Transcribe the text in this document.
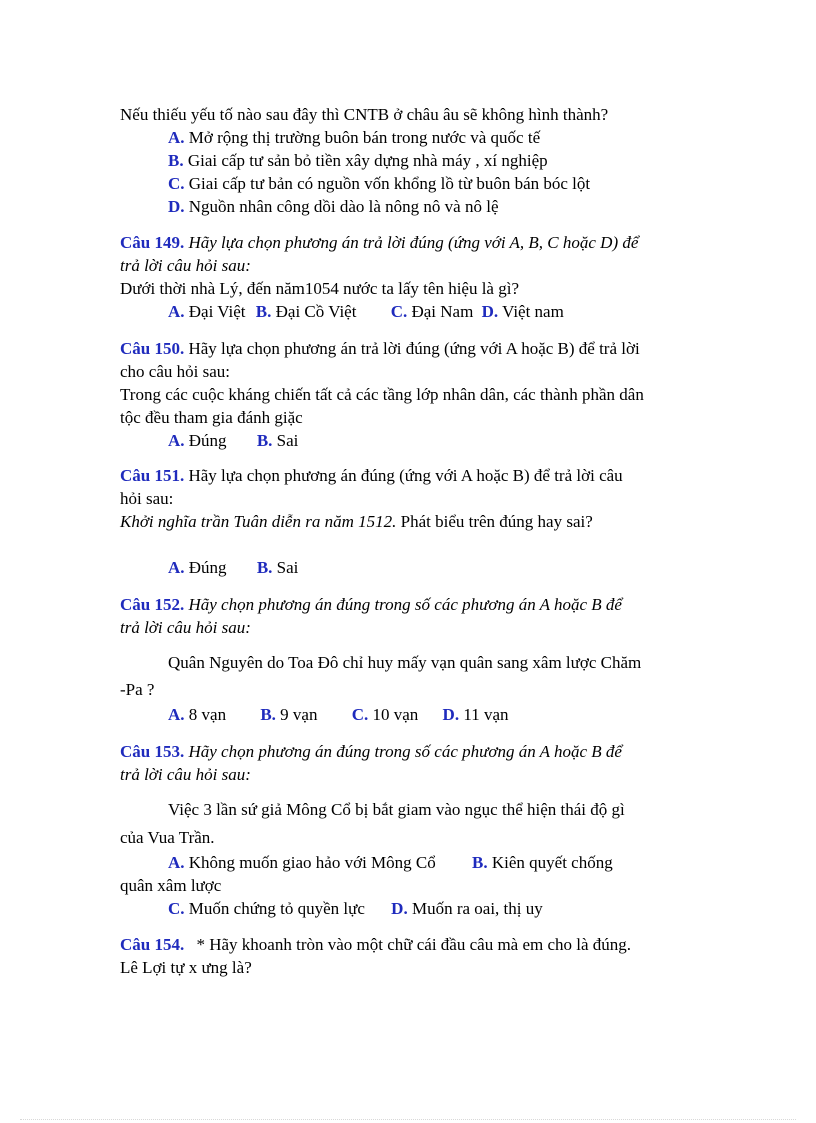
Nếu thiếu yếu tố nào sau đây thì CNTB ở châu âu sẽ không hình thành?
A. Mở rộng thị trường buôn bán trong nước và quốc tế
B. Giai cấp tư sản bỏ tiền xây dựng nhà máy , xí nghiệp
C. Giai cấp tư bản có nguồn vốn khổng lồ từ buôn bán bóc lột
D. Nguồn nhân công dồi dào là nông nô và nô lệ
Câu 149. Hãy lựa chọn phương án trả lời đúng (ứng với A, B, C hoặc D) để
trả lời câu hỏi sau:
Dưới thời nhà Lý, đến năm1054 nước ta lấy tên hiệu là gì?
A. Đại Việt B. Đại Cồ Việt C. Đại Nam D. Việt nam
Câu 150. Hãy lựa chọn phương án trả lời đúng (ứng với A hoặc B) để trả lời
cho câu hỏi sau:
Trong các cuộc kháng chiến tất cả các tầng lớp nhân dân, các thành phần dân
tộc đều tham gia đánh giặc
A. Đúng B. Sai
Câu 151. Hãy lựa chọn phương án đúng (ứng với A hoặc B) để trả lời câu
hỏi sau:
Khởi nghĩa trần Tuân diễn ra năm 1512. Phát biểu trên đúng hay sai?
A. Đúng B. Sai
Câu 152. Hãy chọn phương án đúng trong số các phương án A hoặc B để
trả lời câu hỏi sau:
Quân Nguyên do Toa Đô chỉ huy mấy vạn quân sang xâm lược Chăm
-Pa ?
A. 8 vạn B. 9 vạn C. 10 vạn D. 11 vạn
Câu 153. Hãy chọn phương án đúng trong số các phương án A hoặc B để
trả lời câu hỏi sau:
Việc 3 lần sứ giả Mông Cổ bị bắt giam vào ngục thể hiện thái độ gì
của Vua Trần.
A. Không muốn giao hảo với Mông Cổ B. Kiên quyết chống
quân xâm lược
C. Muốn chứng tỏ quyền lực D. Muốn ra oai, thị uy
Câu 154. * Hãy khoanh tròn vào một chữ cái đầu câu mà em cho là đúng.
Lê Lợi tự x ưng là?
